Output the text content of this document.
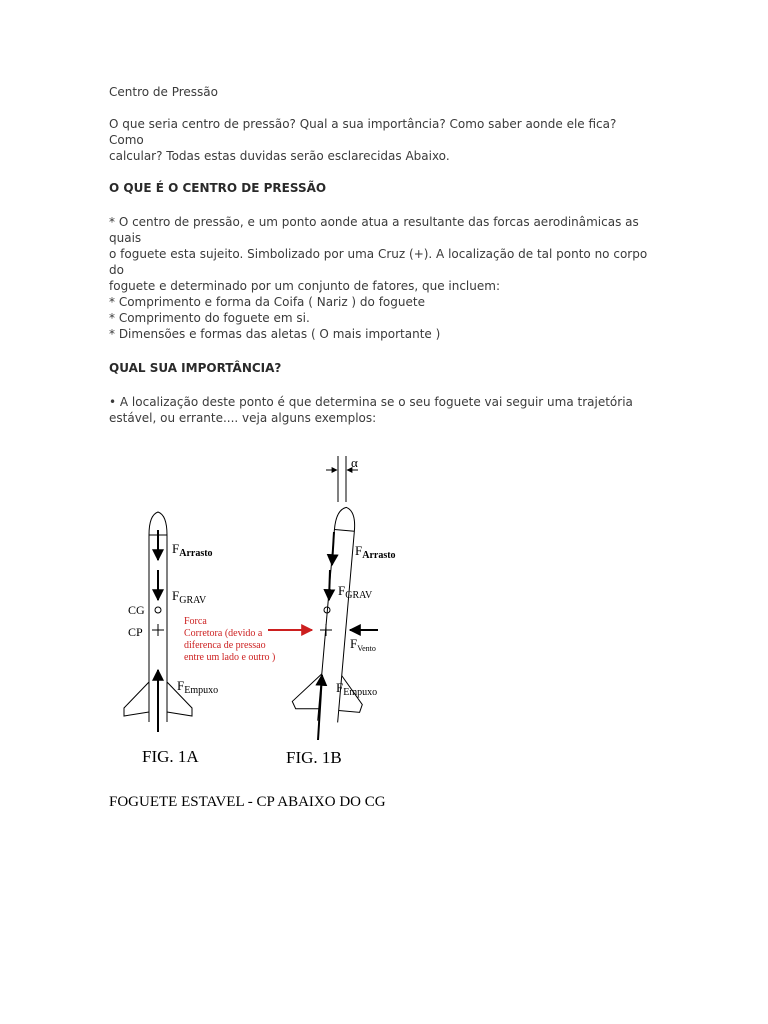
Centro de Pressão

O que seria centro de pressão? Qual a sua importância? Como saber aonde ele fica? Como
calcular? Todas estas duvidas serão esclarecidas Abaixo.

O QUE É O CENTRO DE PRESSÃO

* O centro de pressão, e um ponto aonde atua a resultante das forcas aerodinâmicas as quais
o foguete esta sujeito. Simbolizado por uma Cruz (+). A localização de tal ponto no corpo do
foguete e determinado por um conjunto de fatores, que incluem:
* Comprimento e forma da Coifa ( Nariz ) do foguete
* Comprimento do foguete em si.
* Dimensões e formas das aletas ( O mais importante )

QUAL SUA IMPORTÂNCIA?

• A localização deste ponto é que determina se o seu foguete vai seguir uma trajetória
estável, ou errante.... veja alguns exemplos:

$F_{Arrasto}$
$F_{GRAV}$
CG
CP
$F_{Empuxo}$
FIG. 1A
α
$F_{Arrasto}$
$F_{GRAV}$
$F_{Vento}$
$F_{Empuxo}$
FIG. 1B
Forca
Corretora (devido a
diferenca de pressao
entre um lado e outro )
FOGUETE ESTAVEL - CP ABAIXO DO CG
